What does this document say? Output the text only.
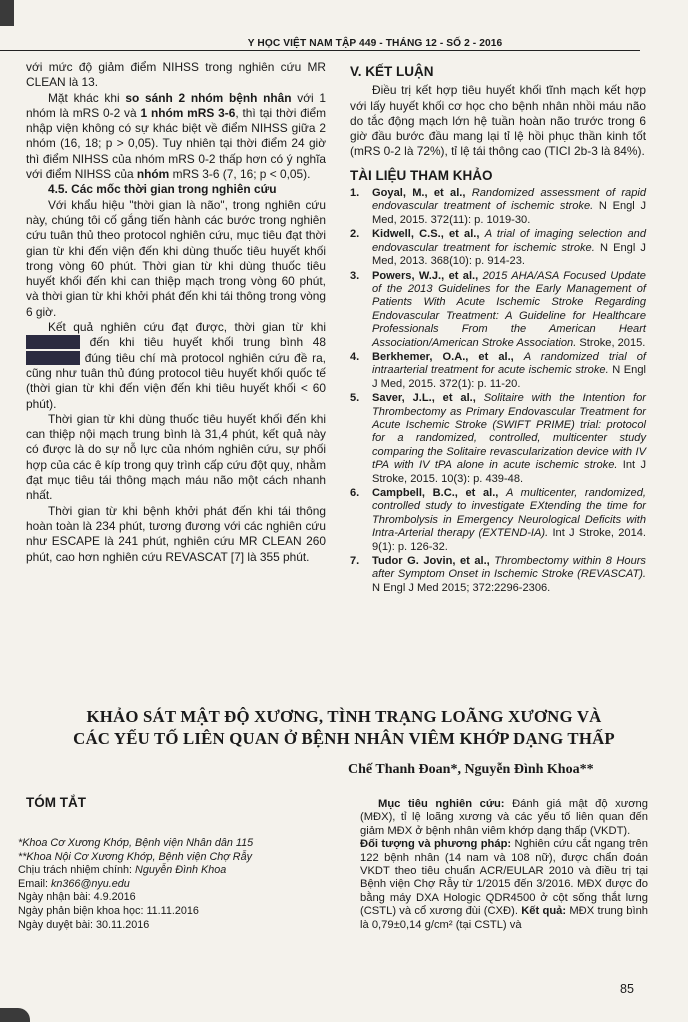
Y HỌC VIỆT NAM TẬP 449 - THÁNG 12 - SỐ 2 - 2016

với mức độ giảm điểm NIHSS trong nghiên cứu MR CLEAN là 13.

Mặt khác khi so sánh 2 nhóm bệnh nhân với 1 nhóm là mRS 0-2 và 1 nhóm mRS 3-6, thì tại thời điểm nhập viện không có sự khác biệt về điểm NIHSS giữa 2 nhóm (16, 18; p > 0,05). Tuy nhiên tại thời điểm 24 giờ thì điểm NIHSS của nhóm mRS 0-2 thấp hơn có ý nghĩa với điểm NIHSS của nhóm mRS 3-6 (7, 16; p < 0,05).

4.5. Các mốc thời gian trong nghiên cứu

Với khẩu hiệu "thời gian là não", trong nghiên cứu này, chúng tôi cố gắng tiến hành các bước trong nghiên cứu tuân thủ theo protocol nghiên cứu, mục tiêu đạt thời gian từ khi đến viện đến khi dùng thuốc tiêu huyết khối trong vòng 60 phút. Thời gian từ khi dùng thuốc tiêu huyết khối đến khi can thiệp mạch trong vòng 60 phút, và thời gian từ khi khởi phát đến khi tái thông trong vòng 6 giờ.

Kết quả nghiên cứu đạt được, thời gian từ khi đến khi tiêu huyết khối trung bình 48 đúng tiêu chí mà protocol nghiên cứu đề ra, cũng như tuân thủ đúng protocol tiêu huyết khối quốc tế (thời gian từ khi đến viện đến khi tiêu huyết khối < 60 phút).

Thời gian từ khi dùng thuốc tiêu huyết khối đến khi can thiệp nội mạch trung bình là 31,4 phút, kết quả này có được là do sự nỗ lực của nhóm nghiên cứu, sự phối hợp của các ê kíp trong quy trình cấp cứu đột quỵ, nhằm đạt mục tiêu tái thông mạch máu não một cách nhanh nhất.

Thời gian từ khi bệnh khởi phát đến khi tái thông hoàn toàn là 234 phút, tương đương với các nghiên cứu như ESCAPE là 241 phút, nghiên cứu MR CLEAN 260 phút, cao hơn nghiên cứu REVASCAT [7] là 355 phút.

V. KẾT LUẬN

Điều trị kết hợp tiêu huyết khối tĩnh mạch kết hợp với lấy huyết khối cơ học cho bệnh nhân nhồi máu não do tắc động mạch lớn hệ tuần hoàn não trước trong 6 giờ đầu bước đầu mang lại tỉ lệ hồi phục thần kinh tốt (mRS 0-2 là 72%), tỉ lệ tái thông cao (TICI 2b-3 là 84%).

TÀI LIỆU THAM KHẢO
1. Goyal, M., et al., Randomized assessment of rapid endovascular treatment of ischemic stroke. N Engl J Med, 2015. 372(11): p. 1019-30.
2. Kidwell, C.S., et al., A trial of imaging selection and endovascular treatment for ischemic stroke. N Engl J Med, 2013. 368(10): p. 914-23.
3. Powers, W.J., et al., 2015 AHA/ASA Focused Update of the 2013 Guidelines for the Early Management of Patients With Acute Ischemic Stroke Regarding Endovascular Treatment: A Guideline for Healthcare Professionals From the American Heart Association/American Stroke Association. Stroke, 2015.
4. Berkhemer, O.A., et al., A randomized trial of intraarterial treatment for acute ischemic stroke. N Engl J Med, 2015. 372(1): p. 11-20.
5. Saver, J.L., et al., Solitaire with the Intention for Thrombectomy as Primary Endovascular Treatment for Acute Ischemic Stroke (SWIFT PRIME) trial: protocol for a randomized, controlled, multicenter study comparing the Solitaire revascularization device with IV tPA with IV tPA alone in acute ischemic stroke. Int J Stroke, 2015. 10(3): p. 439-48.
6. Campbell, B.C., et al., A multicenter, randomized, controlled study to investigate EXtending the time for Thrombolysis in Emergency Neurological Deficits with Intra-Arterial therapy (EXTEND-IA). Int J Stroke, 2014. 9(1): p. 126-32.
7. Tudor G. Jovin, et al., Thrombectomy within 8 Hours after Symptom Onset in Ischemic Stroke (REVASCAT). N Engl J Med 2015; 372:2296-2306.
KHẢO SÁT MẬT ĐỘ XƯƠNG, TÌNH TRẠNG LOÃNG XƯƠNG VÀ
CÁC YẾU TỐ LIÊN QUAN Ở BỆNH NHÂN VIÊM KHỚP DẠNG THẤP
Chế Thanh Đoan*, Nguyễn Đình Khoa**
TÓM TẮT
*Khoa Cơ Xương Khớp, Bệnh viện Nhân dân 115
**Khoa Nội Cơ Xương Khớp, Bệnh viện Chợ Rẫy
Chịu trách nhiệm chính: Nguyễn Đình Khoa
Email: kn366@nyu.edu
Ngày nhận bài: 4.9.2016
Ngày phản biện khoa học: 11.11.2016
Ngày duyệt bài: 30.11.2016

Mục tiêu nghiên cứu: Đánh giá mật độ xương (MĐX), tỉ lệ loãng xương và các yếu tố liên quan đến giảm MĐX ở bệnh nhân viêm khớp dạng thấp (VKDT).
Đối tượng và phương pháp: Nghiên cứu cắt ngang trên 122 bệnh nhân (14 nam và 108 nữ), được chẩn đoán VKDT theo tiêu chuẩn ACR/EULAR 2010 và điều trị tại Bệnh viện Chợ Rẫy từ 1/2015 đến 3/2016. MĐX được đo bằng máy DXA Hologic QDR4500 ở cột sống thắt lưng (CSTL) và cổ xương đùi (CXĐ). Kết quả: MĐX trung bình là 0,79±0,14 g/cm² (tại CSTL) và

85
